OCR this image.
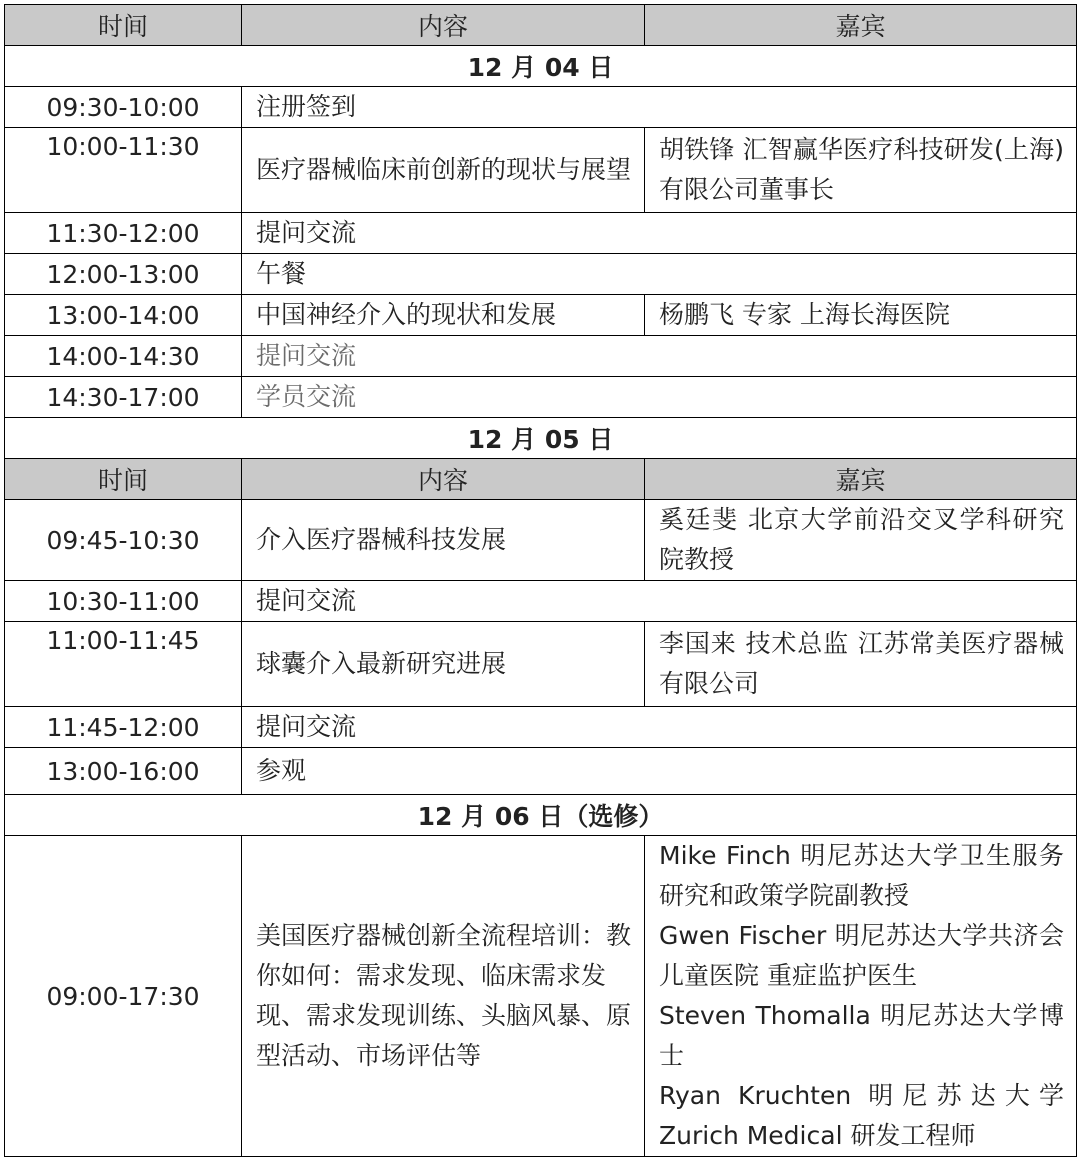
时间	内容	嘉宾
12 月 04 日		
09:30-10:00	注册签到	
10:00-11:30	医疗器械临床前创新的现状与展望	胡铁锋 汇智赢华医疗科技研发(上海)有限公司董事长
11:30-12:00	提问交流	
12:00-13:00	午餐	
13:00-14:00	中国神经介入的现状和发展	杨鹏飞 专家 上海长海医院
14:00-14:30	提问交流	
14:30-17:00	学员交流	
12 月 05 日		
时间	内容	嘉宾
09:45-10:30	介入医疗器械科技发展	奚廷斐 北京大学前沿交叉学科研究院教授
10:30-11:00	提问交流	
11:00-11:45	球囊介入最新研究进展	李国来 技术总监 江苏常美医疗器械有限公司
11:45-12:00	提问交流	
13:00-16:00	参观	
12 月 06 日（选修）		
09:00-17:30	美国医疗器械创新全流程培训：教你如何：需求发现、临床需求发现、需求发现训练、头脑风暴、原型活动、市场评估等	Mike Finch 明尼苏达大学卫生服务研究和政策学院副教授
Gwen Fischer 明尼苏达大学共济会儿童医院 重症监护医生
Steven Thomalla 明尼苏达大学博士
Ryan Kruchten 明尼苏达大学 Zurich Medical 研发工程师
